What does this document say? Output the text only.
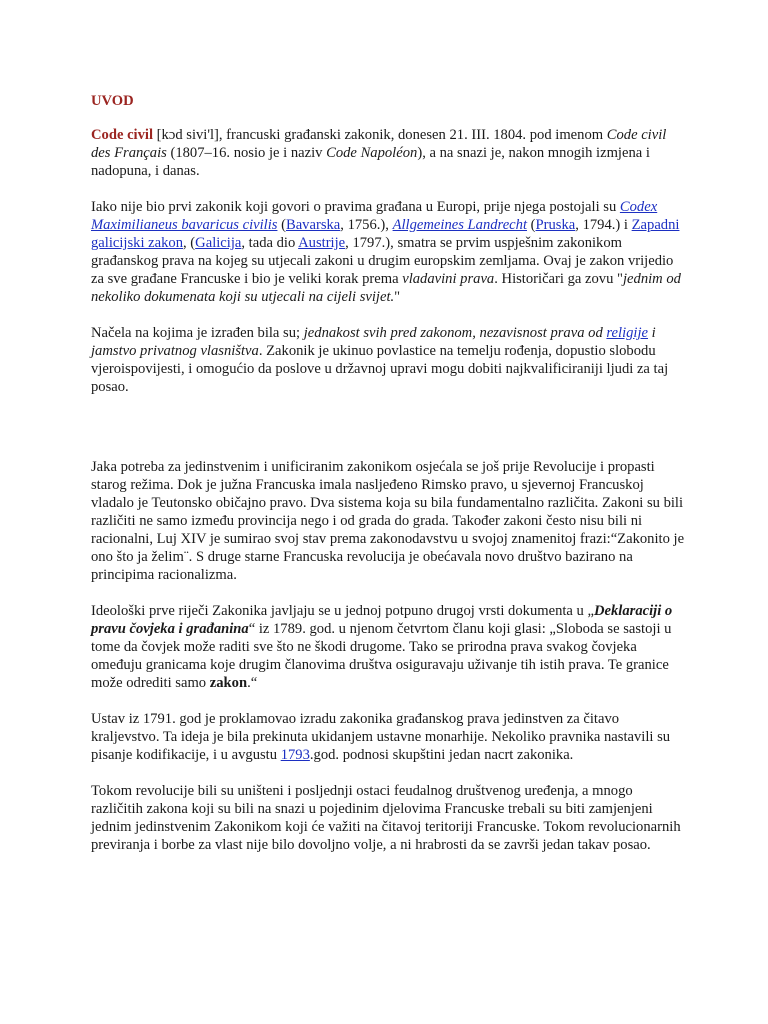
UVOD

Code civil [kɔd sivi'l], francuski građanski zakonik, donesen 21. III. 1804. pod imenom Code civil des Français (1807–16. nosio je i naziv Code Napoléon), a na snazi je, nakon mnogih izmjena i nadopuna, i danas.

Iako nije bio prvi zakonik koji govori o pravima građana u Europi, prije njega postojali su Codex Maximilianeus bavaricus civilis (Bavarska, 1756.), Allgemeines Landrecht (Pruska, 1794.) i Zapadni galicijski zakon, (Galicija, tada dio Austrije, 1797.), smatra se prvim uspješnim zakonikom građanskog prava na kojeg su utjecali zakoni u drugim europskim zemljama. Ovaj je zakon vrijedio za sve građane Francuske i bio je veliki korak prema vladavini prava. Historičari ga zovu "jednim od nekoliko dokumenata koji su utjecali na cijeli svijet."

Načela na kojima je izrađen bila su; jednakost svih pred zakonom, nezavisnost prava od religije i jamstvo privatnog vlasništva. Zakonik je ukinuo povlastice na temelju rođenja, dopustio slobodu vjeroispovijesti, i omogućio da poslove u državnoj upravi mogu dobiti najkvalificiraniji ljudi za taj posao.

Jaka potreba za jedinstvenim i unificiranim zakonikom osjećala se još prije Revolucije i propasti starog režima. Dok je južna Francuska imala nasljeđeno Rimsko pravo, u sjevernoj Francuskoj vladalo je Teutonsko običajno pravo. Dva sistema koja su bila fundamentalno različita. Zakoni su bili različiti ne samo između provincija nego i od grada do grada. Također zakoni često nisu bili ni racionalni, Luj XIV je sumirao svoj stav prema zakonodavstvu u svojoj znamenitoj frazi:“Zakonito je ono što ja želim¨. S druge starne Francuska revolucija je obećavala novo društvo bazirano na principima racionalizma.

Ideološki prve riječi Zakonika javljaju se u jednoj potpuno drugoj vrsti dokumenta u „Deklaraciji o pravu čovjeka i građanina“ iz 1789. god. u njenom četvrtom članu koji glasi: „Sloboda se sastoji u tome da čovjek može raditi sve što ne škodi drugome. Tako se prirodna prava svakog čovjeka omeđuju granicama koje drugim članovima društva osiguravaju uživanje tih istih prava. Te granice može odrediti samo zakon.“

Ustav iz 1791. god je proklamovao izradu zakonika građanskog prava jedinstven za čitavo kraljevstvo. Ta ideja je bila prekinuta ukidanjem ustavne monarhije. Nekoliko pravnika nastavili su pisanje kodifikacije, i u avgustu 1793.god. podnosi skupštini jedan nacrt zakonika.

Tokom revolucije bili su uništeni i posljednji ostaci feudalnog društvenog uređenja, a mnogo različitih zakona koji su bili na snazi u pojedinim djelovima Francuske trebali su biti zamjenjeni jednim jedinstvenim Zakonikom koji će važiti na čitavoj teritoriji Francuske. Tokom revolucionarnih previranja i borbe za vlast nije bilo dovoljno volje, a ni hrabrosti da se završi jedan takav posao.
